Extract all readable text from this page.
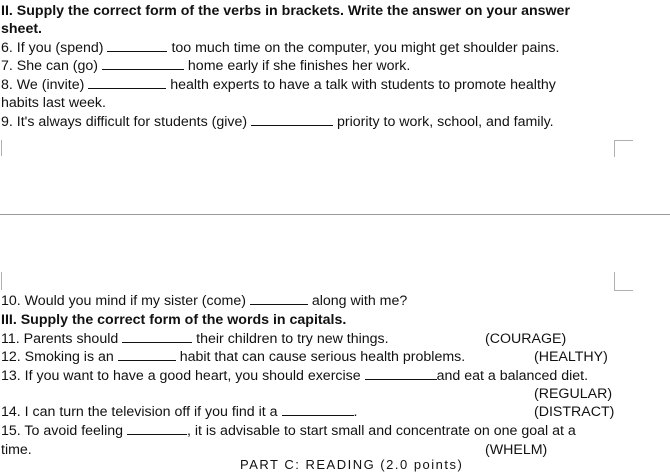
II. Supply the correct form of the verbs in brackets. Write the answer on your answer
sheet.
6. If you (spend)	too much time on the computer, you might get shoulder pains.
7. She can (go)	home early if she finishes her work.
8. We (invite)	health experts to have a talk with students to promote healthy
habits last week.
9. It's always difficult for students (give)	priority to work, school, and family.
10. Would you mind if my sister (come)	along with me?
III. Supply the correct form of the words in capitals.
11. Parents should	their children to try new things.	(COURAGE)
12. Smoking is an	habit that can cause serious health problems.	(HEALTHY)
13. If you want to have a good heart, you should exercise	and eat a balanced diet.
(REGULAR)
14. I can turn the television off if you find it a	.	(DISTRACT)
15. To avoid feeling	, it is advisable to start small and concentrate on one goal at a
time.	(WHELM)
PART C: READING (2.0 points)
